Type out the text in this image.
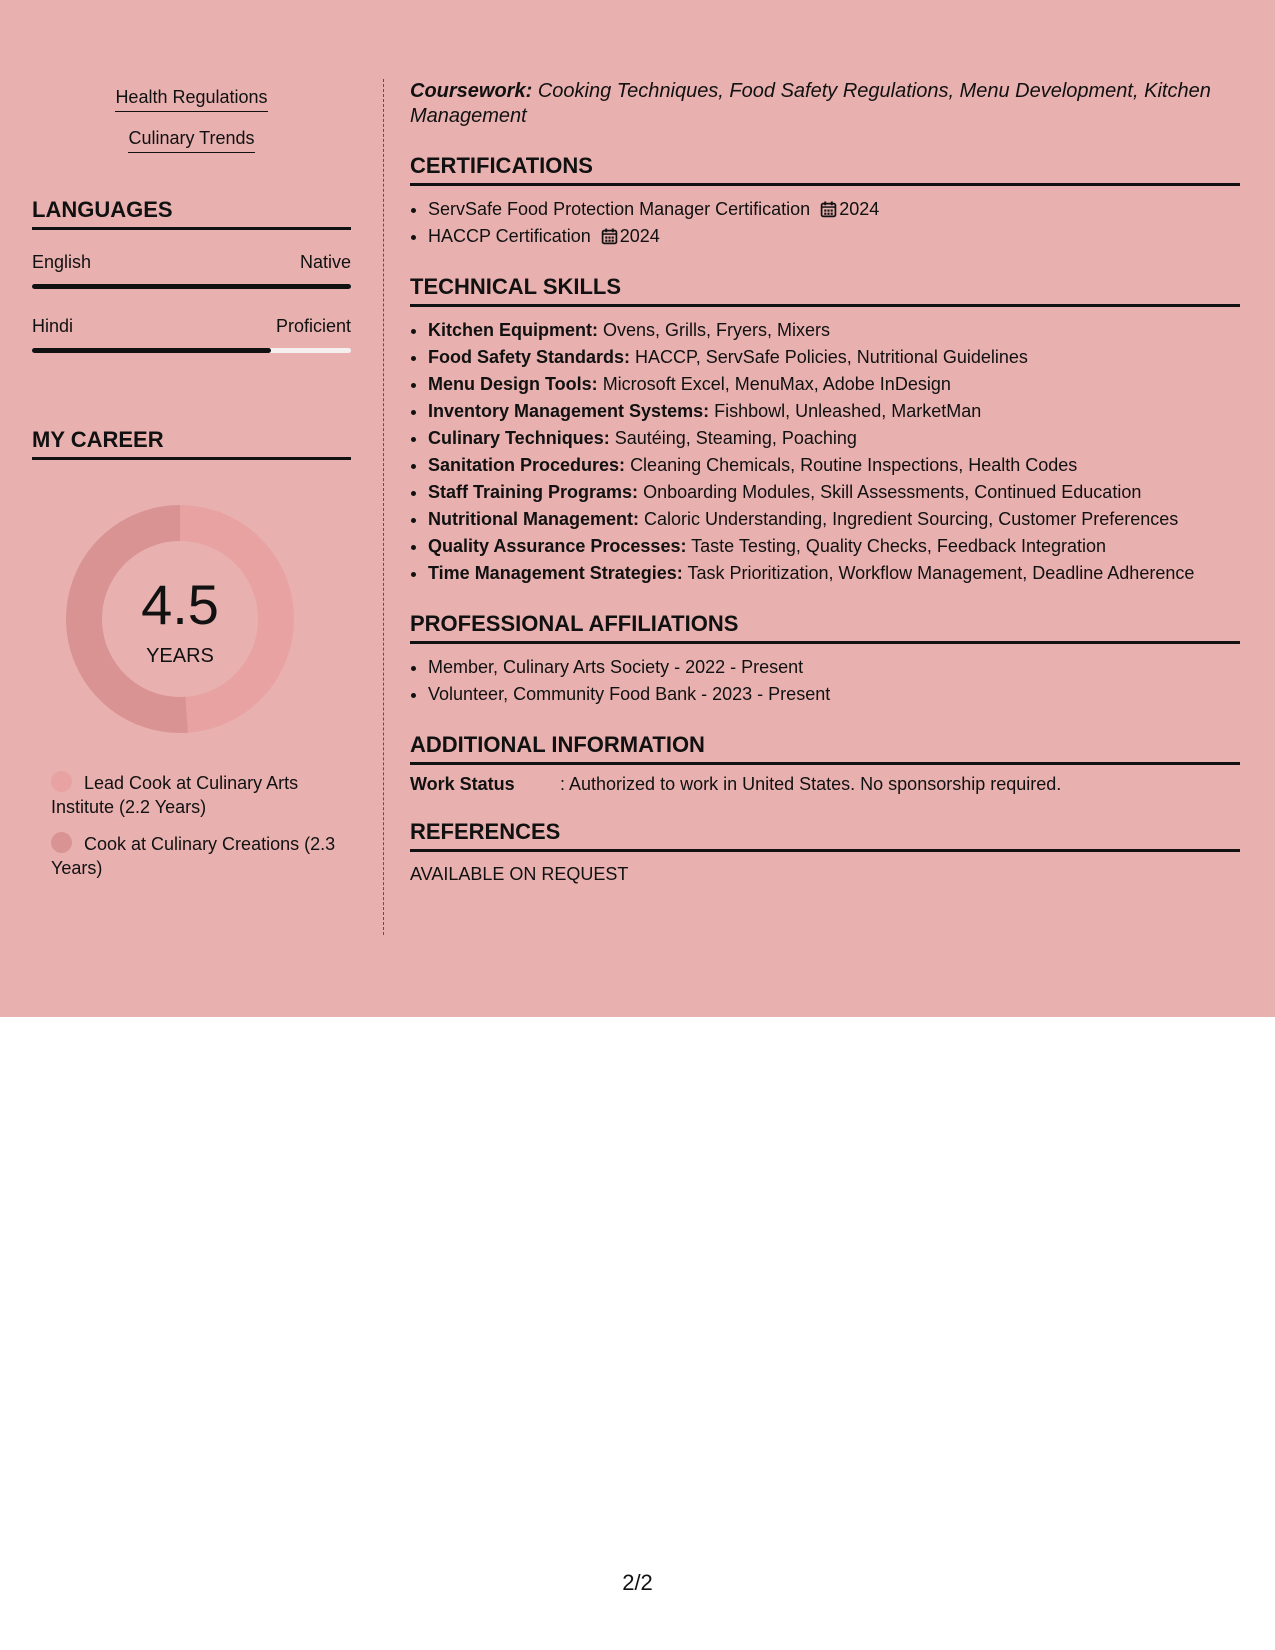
Health Regulations
Culinary Trends
LANGUAGES
English	Native
Hindi	Proficient
MY CAREER
4.5
YEARS
Lead Cook at Culinary Arts Institute (2.2 Years)
Cook at Culinary Creations (2.3 Years)
Coursework: Cooking Techniques, Food Safety Regulations, Menu Development, Kitchen Management
CERTIFICATIONS
• ServSafe Food Protection Manager Certification 2024
• HACCP Certification 2024
TECHNICAL SKILLS
• Kitchen Equipment: Ovens, Grills, Fryers, Mixers
• Food Safety Standards: HACCP, ServSafe Policies, Nutritional Guidelines
• Menu Design Tools: Microsoft Excel, MenuMax, Adobe InDesign
• Inventory Management Systems: Fishbowl, Unleashed, MarketMan
• Culinary Techniques: Sautéing, Steaming, Poaching
• Sanitation Procedures: Cleaning Chemicals, Routine Inspections, Health Codes
• Staff Training Programs: Onboarding Modules, Skill Assessments, Continued Education
• Nutritional Management: Caloric Understanding, Ingredient Sourcing, Customer Preferences
• Quality Assurance Processes: Taste Testing, Quality Checks, Feedback Integration
• Time Management Strategies: Task Prioritization, Workflow Management, Deadline Adherence
PROFESSIONAL AFFILIATIONS
• Member, Culinary Arts Society - 2022 - Present
• Volunteer, Community Food Bank - 2023 - Present
ADDITIONAL INFORMATION
Work Status	: Authorized to work in United States. No sponsorship required.
REFERENCES
AVAILABLE ON REQUEST
2/2
